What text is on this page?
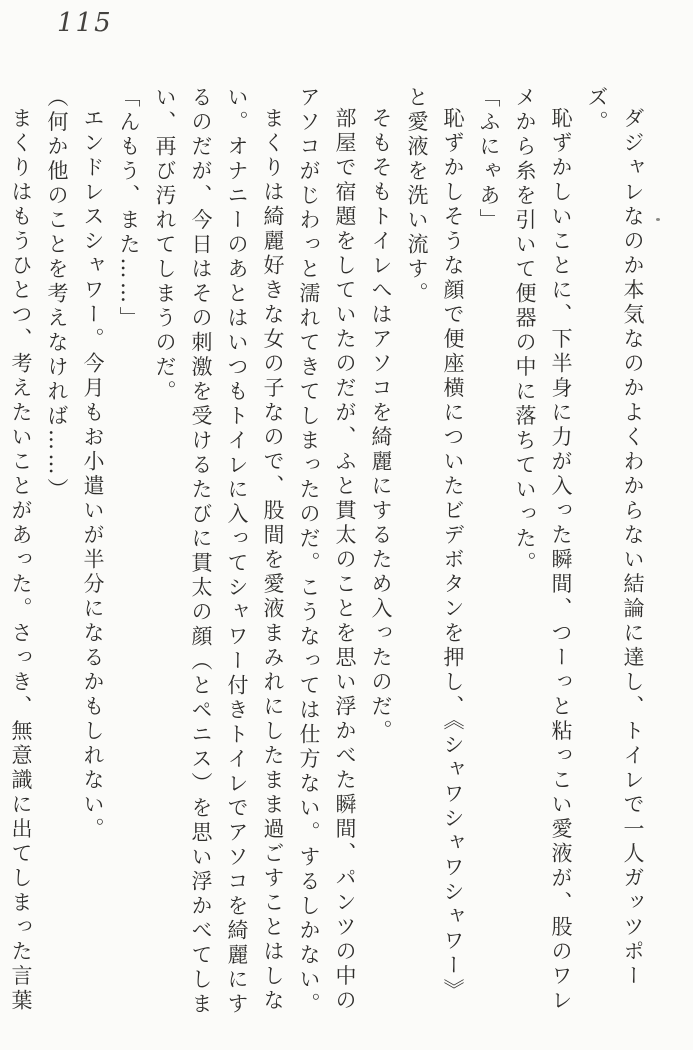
115

ダジャレなのか本気なのかよくわからない結論に達し、トイレで一人ガッツポーズ。

恥ずかしいことに、下半身に力が入った瞬間、つーっと粘っこい愛液が、股のワレメから糸を引いて便器の中に落ちていった。

「ふにゃあ」

恥ずかしそうな顔で便座横についたビデボタンを押し、《シャワシャワシャワー》と愛液を洗い流す。

そもそもトイレへはアソコを綺麗にするため入ったのだ。

部屋で宿題をしていたのだが、ふと貫太のことを思い浮かべた瞬間、パンツの中のアソコがじわっと濡れてきてしまったのだ。こうなっては仕方ない。するしかない。

まくりは綺麗好きな女の子なので、股間を愛液まみれにしたまま過ごすことはしない。オナニーのあとはいつもトイレに入ってシャワー付きトイレでアソコを綺麗にするのだが、今日はその刺激を受けるたびに貫太の顔（とペニス）を思い浮かべてしまい、再び汚れてしまうのだ。

「んもう、また……」

エンドレスシャワー。今月もお小遣いが半分になるかもしれない。

（何か他のことを考えなければ……）

まくりはもうひとつ、考えたいことがあった。さっき、無意識に出てしまった言葉
